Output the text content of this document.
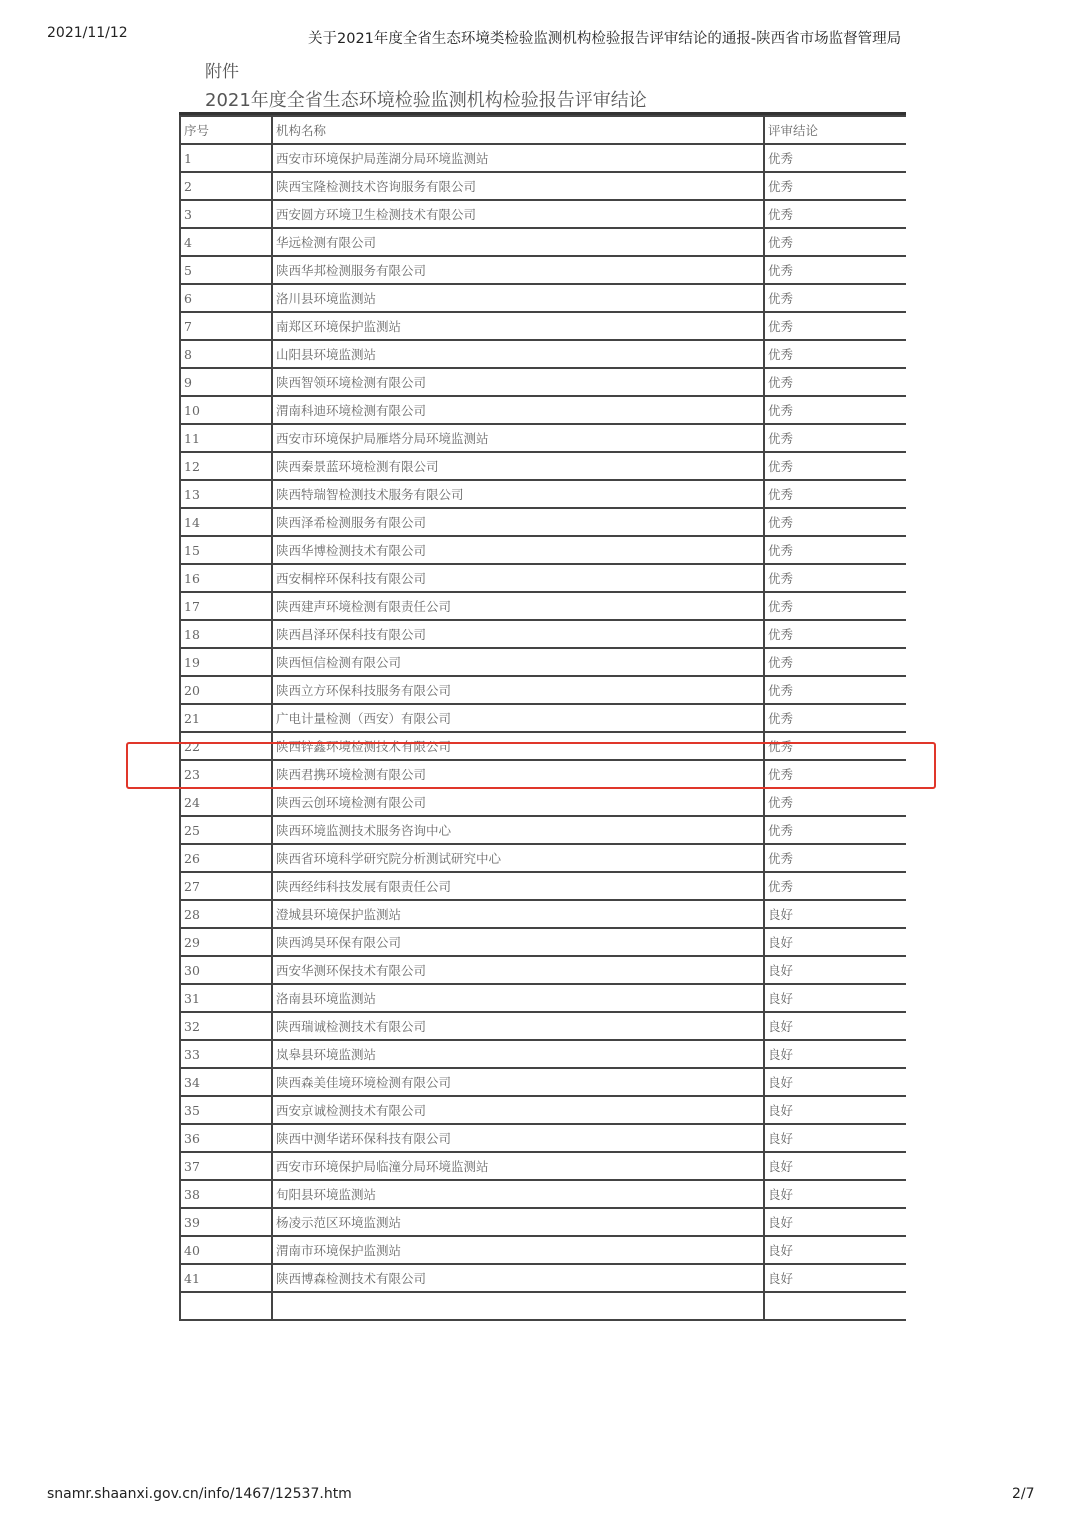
2021/11/12	关于2021年度全省生态环境类检验监测机构检验报告评审结论的通报-陕西省市场监督管理局
附件
2021年度全省生态环境检验监测机构检验报告评审结论
序号	机构名称	评审结论
1	西安市环境保护局莲湖分局环境监测站	优秀
2	陕西宝隆检测技术咨询服务有限公司	优秀
3	西安圆方环境卫生检测技术有限公司	优秀
4	华远检测有限公司	优秀
5	陕西华邦检测服务有限公司	优秀
6	洛川县环境监测站	优秀
7	南郑区环境保护监测站	优秀
8	山阳县环境监测站	优秀
9	陕西智领环境检测有限公司	优秀
10	渭南科迪环境检测有限公司	优秀
11	西安市环境保护局雁塔分局环境监测站	优秀
12	陕西秦景蓝环境检测有限公司	优秀
13	陕西特瑞智检测技术服务有限公司	优秀
14	陕西泽希检测服务有限公司	优秀
15	陕西华博检测技术有限公司	优秀
16	西安桐梓环保科技有限公司	优秀
17	陕西建声环境检测有限责任公司	优秀
18	陕西昌泽环保科技有限公司	优秀
19	陕西恒信检测有限公司	优秀
20	陕西立方环保科技服务有限公司	优秀
21	广电计量检测（西安）有限公司	优秀
22	陕西锌鑫环境检测技术有限公司	优秀
23	陕西君携环境检测有限公司	优秀
24	陕西云创环境检测有限公司	优秀
25	陕西环境监测技术服务咨询中心	优秀
26	陕西省环境科学研究院分析测试研究中心	优秀
27	陕西经纬科技发展有限责任公司	优秀
28	澄城县环境保护监测站	良好
29	陕西鸿昊环保有限公司	良好
30	西安华测环保技术有限公司	良好
31	洛南县环境监测站	良好
32	陕西瑞诚检测技术有限公司	良好
33	岚皋县环境监测站	良好
34	陕西森美佳境环境检测有限公司	良好
35	西安京诚检测技术有限公司	良好
36	陕西中测华诺环保科技有限公司	良好
37	西安市环境保护局临潼分局环境监测站	良好
38	旬阳县环境监测站	良好
39	杨凌示范区环境监测站	良好
40	渭南市环境保护监测站	良好
41	陕西博森检测技术有限公司	良好

snamr.shaanxi.gov.cn/info/1467/12537.htm	2/7
